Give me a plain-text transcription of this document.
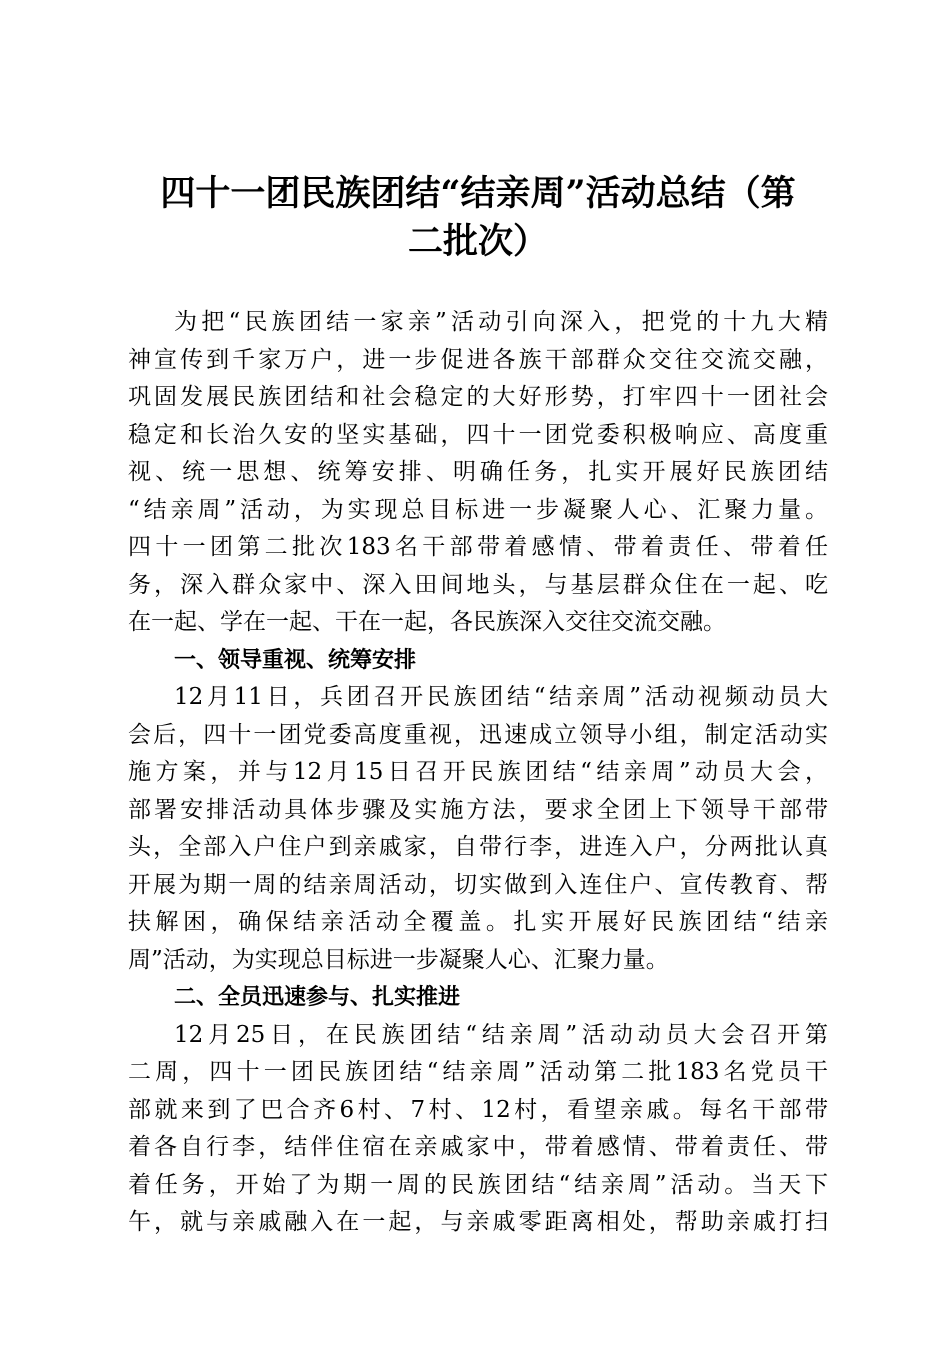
四十一团民族团结“结亲周”活动总结（第
二批次）
为把“民族团结一家亲”活动引向深入，把党的十九大精
神宣传到千家万户，进一步促进各族干部群众交往交流交融，
巩固发展民族团结和社会稳定的大好形势，打牢四十一团社会
稳定和长治久安的坚实基础，四十一团党委积极响应、高度重
视、统一思想、统筹安排、明确任务，扎实开展好民族团结
“结亲周”活动，为实现总目标进一步凝聚人心、汇聚力量。
四十一团第二批次183名干部带着感情、带着责任、带着任
务，深入群众家中、深入田间地头，与基层群众住在一起、吃
在一起、学在一起、干在一起，各民族深入交往交流交融。
一、领导重视、统筹安排
12月11日，兵团召开民族团结“结亲周”活动视频动员大
会后，四十一团党委高度重视，迅速成立领导小组，制定活动实
施方案，并与12月15日召开民族团结“结亲周”动员大会，
部署安排活动具体步骤及实施方法，要求全团上下领导干部带
头，全部入户住户到亲戚家，自带行李，进连入户，分两批认真
开展为期一周的结亲周活动，切实做到入连住户、宣传教育、帮
扶解困，确保结亲活动全覆盖。扎实开展好民族团结“结亲
周”活动，为实现总目标进一步凝聚人心、汇聚力量。
二、全员迅速参与、扎实推进
12月25日，在民族团结“结亲周”活动动员大会召开第
二周，四十一团民族团结“结亲周”活动第二批183名党员干
部就来到了巴合齐6村、7村、12村，看望亲戚。每名干部带
着各自行李，结伴住宿在亲戚家中，带着感情、带着责任、带
着任务，开始了为期一周的民族团结“结亲周”活动。当天下
午，就与亲戚融入在一起，与亲戚零距离相处，帮助亲戚打扫
